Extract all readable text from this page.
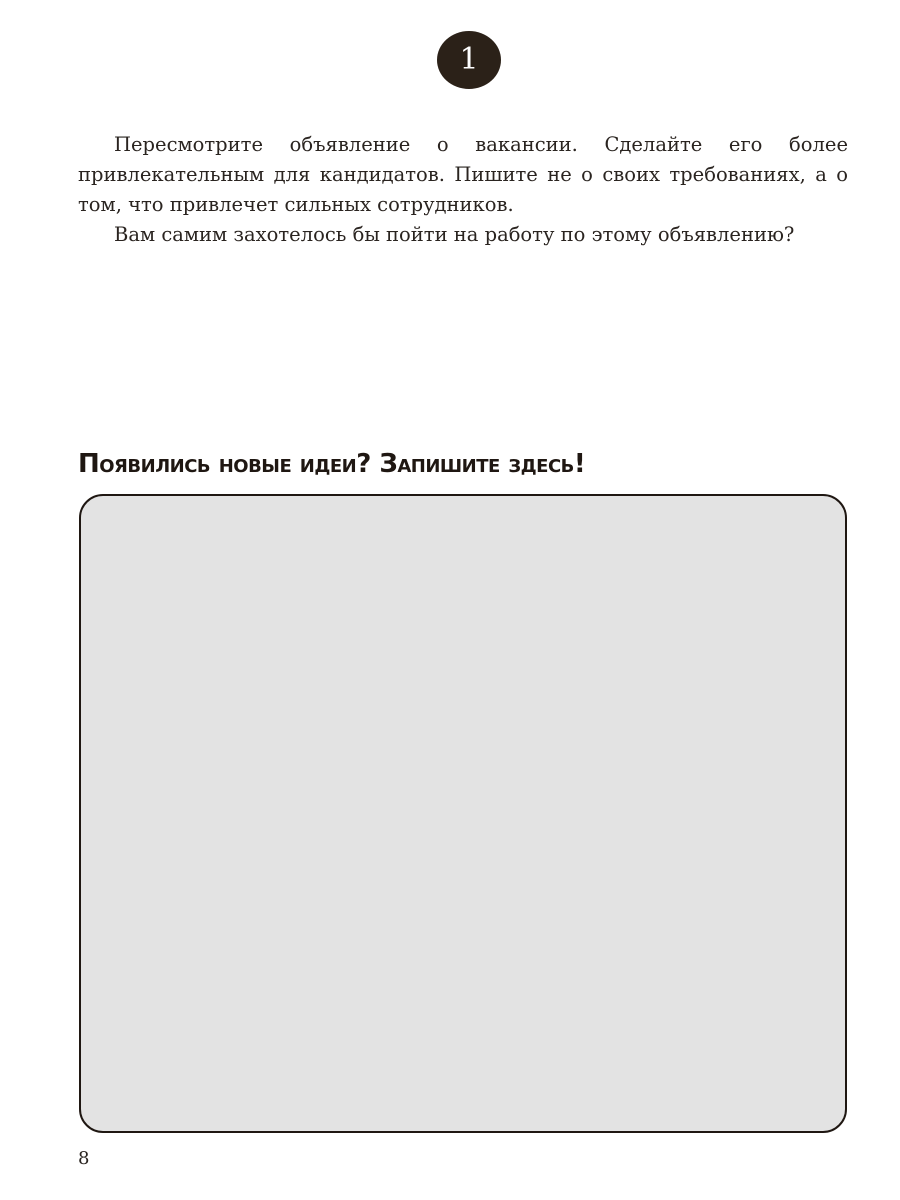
1

Пересмотрите объявление о вакансии. Сделайте его более привлекательным для кандидатов. Пишите не о своих требованиях, а о том, что привлечет сильных сотрудников.

Вам самим захотелось бы пойти на работу по этому объявлению?

Появились новые идеи? Запишите здесь!
8
